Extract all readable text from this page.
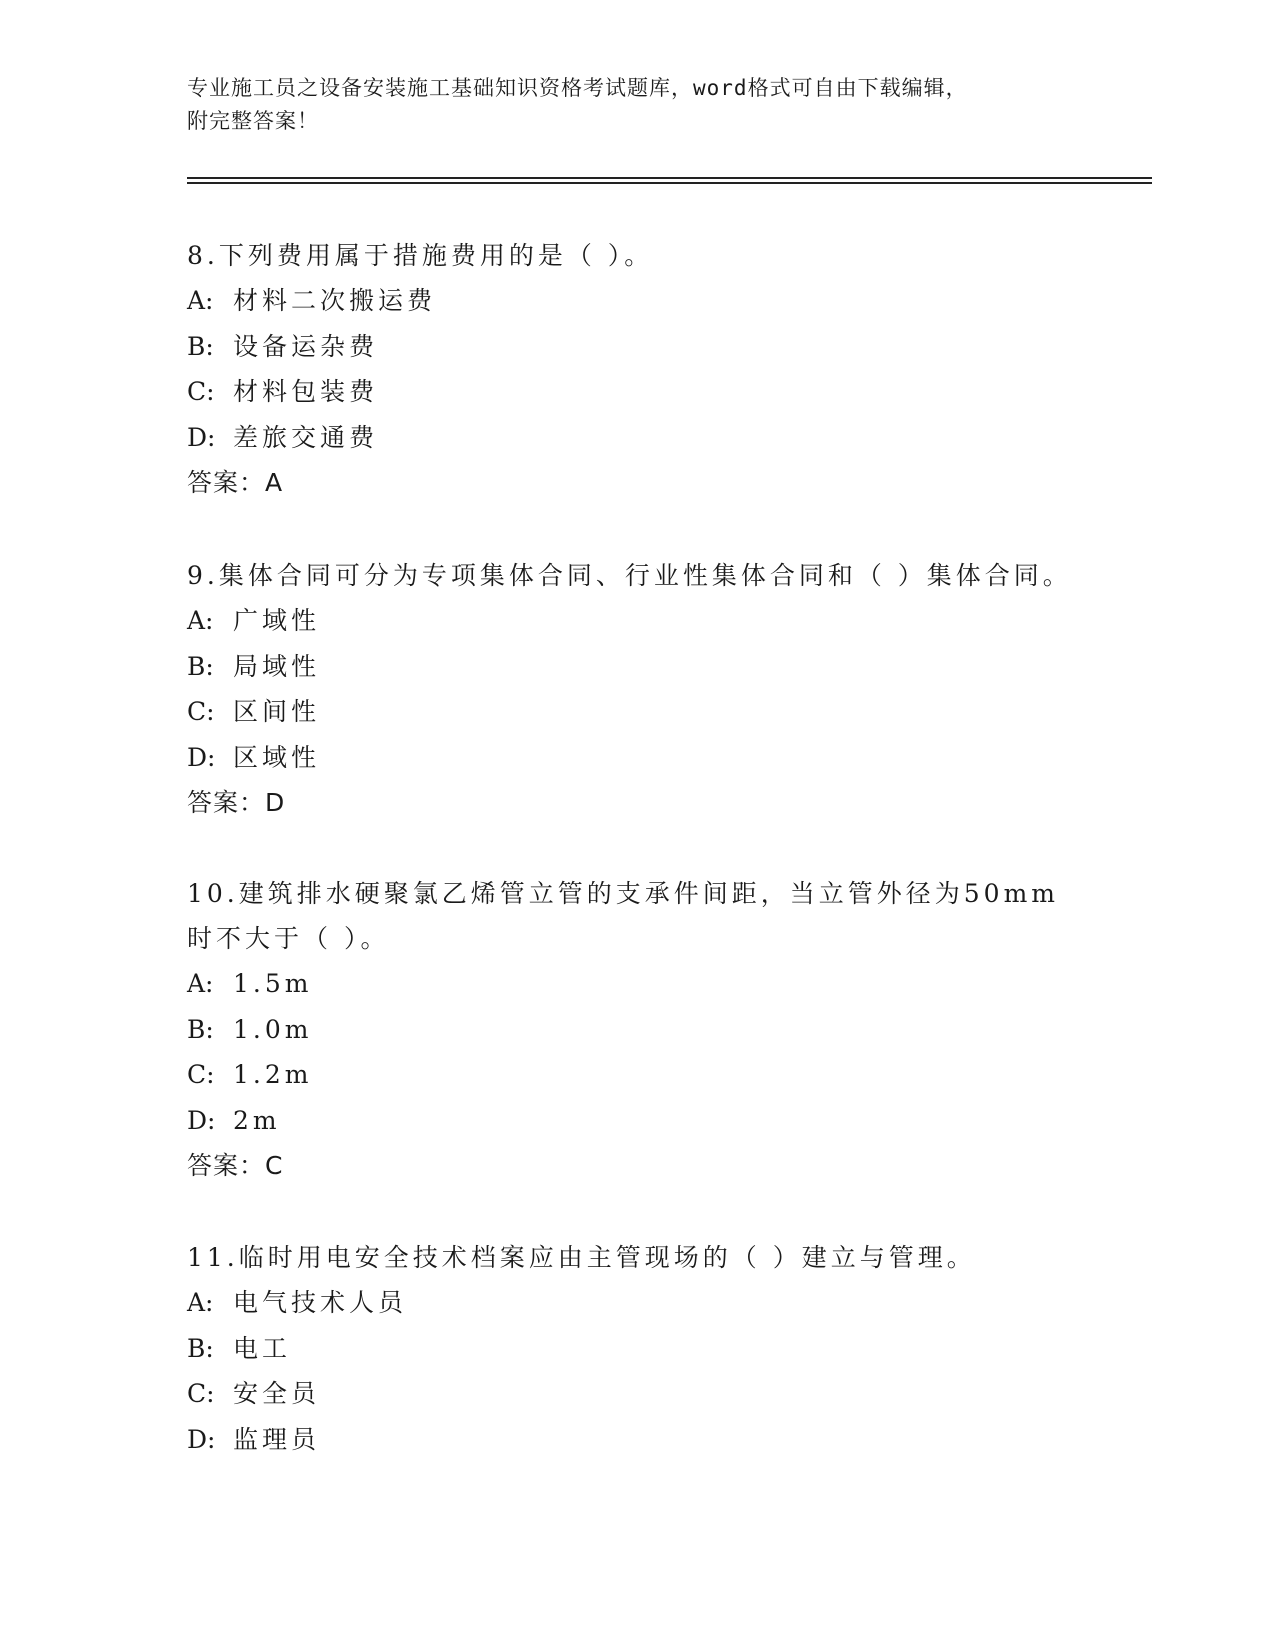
专业施工员之设备安装施工基础知识资格考试题库，word格式可自由下载编辑，
附完整答案！

8.下列费用属于措施费用的是（ ）。

A: 材料二次搬运费

B: 设备运杂费

C: 材料包装费

D: 差旅交通费

答案：A

9.集体合同可分为专项集体合同、行业性集体合同和（ ）集体合同。

A: 广域性

B: 局域性

C: 区间性

D: 区域性

答案：D

10.建筑排水硬聚氯乙烯管立管的支承件间距，当立管外径为50mm时不大于（ ）。

A: 1.5m

B: 1.0m

C: 1.2m

D: 2m

答案：C

11.临时用电安全技术档案应由主管现场的（ ）建立与管理。

A: 电气技术人员

B: 电工

C: 安全员

D: 监理员
